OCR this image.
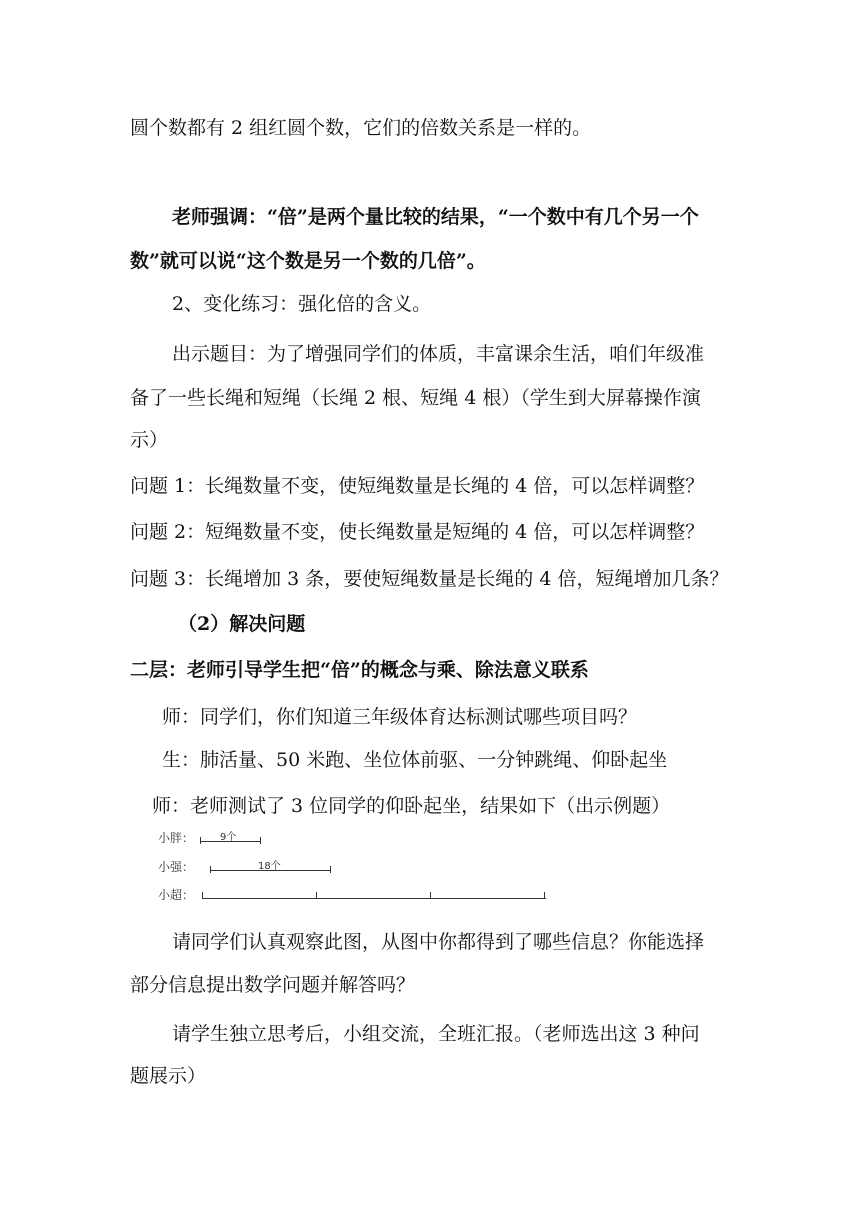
圆个数都有 2 组红圆个数，它们的倍数关系是一样的。
老师强调：“倍”是两个量比较的结果，“一个数中有几个另一个
数”就可以说“这个数是另一个数的几倍”。
2、变化练习：强化倍的含义。
出示题目：为了增强同学们的体质，丰富课余生活，咱们年级准
备了一些长绳和短绳（长绳 2 根、短绳 4 根）（学生到大屏幕操作演
示）
问题 1：长绳数量不变，使短绳数量是长绳的 4 倍，可以怎样调整？
问题 2：短绳数量不变，使长绳数量是短绳的 4 倍，可以怎样调整？
问题 3：长绳增加 3 条，要使短绳数量是长绳的 4 倍，短绳增加几条？
（2）解决问题
二层：老师引导学生把“倍”的概念与乘、除法意义联系
师：同学们，你们知道三年级体育达标测试哪些项目吗？
生：肺活量、50 米跑、坐位体前驱、一分钟跳绳、仰卧起坐
师：老师测试了 3 位同学的仰卧起坐，结果如下（出示例题）
小胖：	9个
小强：	18个
小超：
请同学们认真观察此图，从图中你都得到了哪些信息？你能选择
部分信息提出数学问题并解答吗？
请学生独立思考后，小组交流，全班汇报。（老师选出这 3 种问
题展示）
